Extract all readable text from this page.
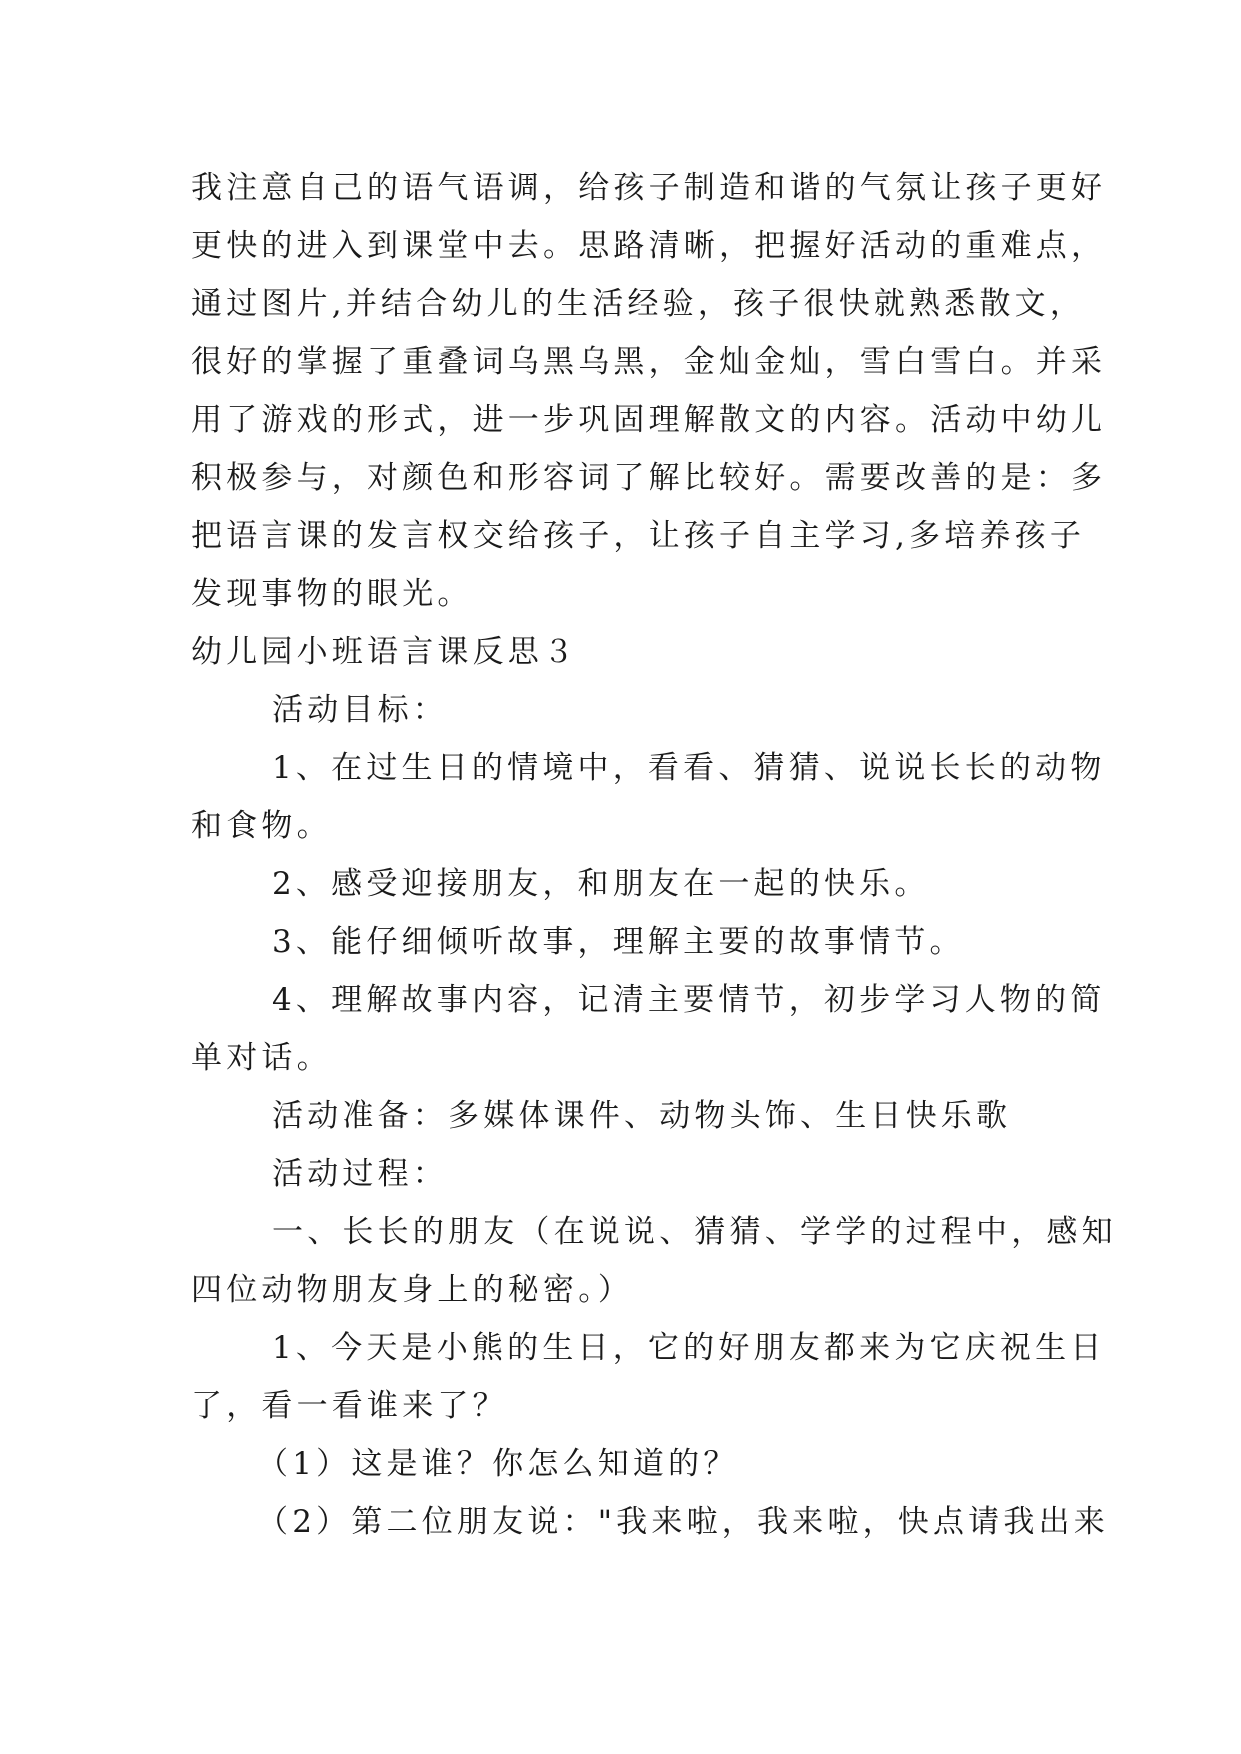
我注意自己的语气语调，给孩子制造和谐的气氛让孩子更好
更快的进入到课堂中去。思路清晰，把握好活动的重难点，
通过图片,并结合幼儿的生活经验，孩子很快就熟悉散文，
很好的掌握了重叠词乌黑乌黑，金灿金灿，雪白雪白。并采
用了游戏的形式，进一步巩固理解散文的内容。活动中幼儿
积极参与，对颜色和形容词了解比较好。需要改善的是：多
把语言课的发言权交给孩子，让孩子自主学习,多培养孩子
发现事物的眼光。
幼儿园小班语言课反思３
活动目标：
1、在过生日的情境中，看看、猜猜、说说长长的动物
和食物。
2、感受迎接朋友，和朋友在一起的快乐。
3、能仔细倾听故事，理解主要的故事情节。
4、理解故事内容，记清主要情节，初步学习人物的简
单对话。
活动准备：多媒体课件、动物头饰、生日快乐歌
活动过程：
一、长长的朋友（在说说、猜猜、学学的过程中，感知
四位动物朋友身上的秘密。）
1、今天是小熊的生日，它的好朋友都来为它庆祝生日
了，看一看谁来了？
（1）这是谁？你怎么知道的？
（2）第二位朋友说："我来啦，我来啦，快点请我出来
